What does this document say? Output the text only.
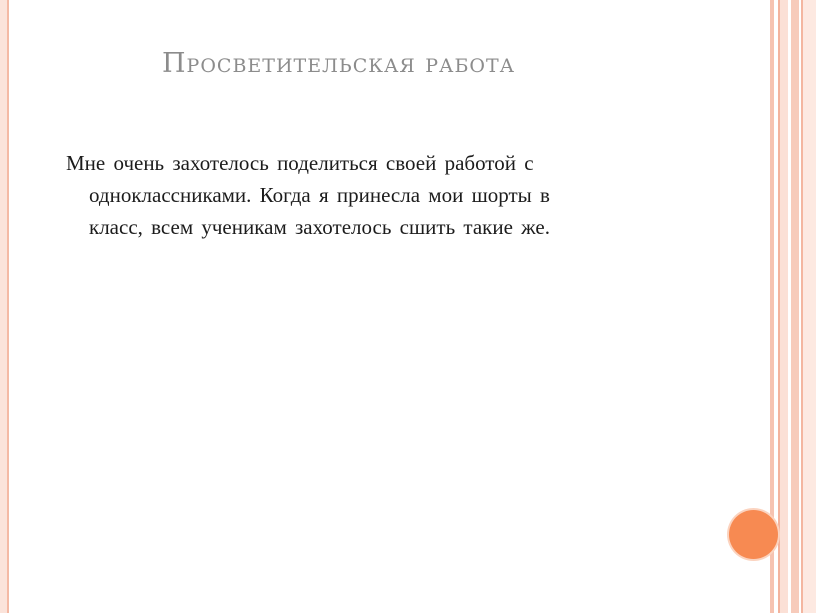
Просветительская работа
Мне очень захотелось поделиться своей работой с
одноклассниками. Когда я принесла мои шорты в
класс, всем ученикам захотелось сшить такие же.
